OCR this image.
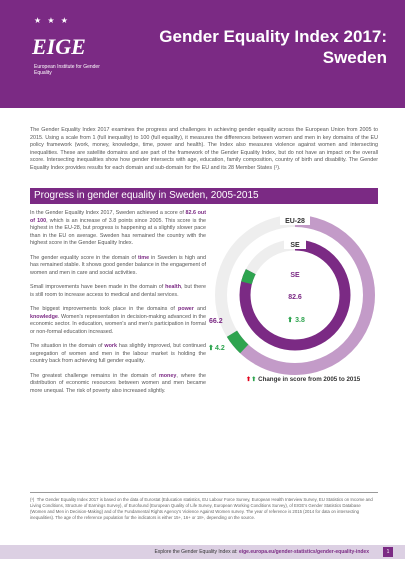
★ ★ ★
EIGE
European Institute for Gender Equality
Gender Equality Index 2017:
Sweden
The Gender Equality Index 2017 examines the progress and challenges in achieving gender equality across the European Union from 2005 to 2015. Using a scale from 1 (full inequality) to 100 (full equality), it measures the differences between women and men in key domains of the EU policy framework (work, money, knowledge, time, power and health). The Index also measures violence against women and intersecting inequalities. These are satellite domains and are part of the framework of the Gender Equality Index, but do not have an impact on the overall score. Intersecting inequalities show how gender intersects with age, education, family composition, country of birth and disability. The Gender Equality Index provides results for each domain and sub-domain for the EU and its 28 Member States (¹).
Progress in gender equality in Sweden, 2005-2015

In the Gender Equality Index 2017, Sweden achieved a score of 82.6 out of 100, which is an increase of 3.8 points since 2005. This score is the highest in the EU-28, but progress is happening at a slightly slower pace than in the EU on average. Sweden has remained the country with the highest score in the Gender Equality Index.

The gender equality score in the domain of time in Sweden is high and has remained stable. It shows good gender balance in the engagement of women and men in care and social activities.

Small improvements have been made in the domain of health, but there is still room to increase access to medical and dental services.

The biggest improvements took place in the domains of power and knowledge. Women's representation in decision-making advanced in the economic sector. In education, women's and men's participation in formal or non-formal education increased.

The situation in the domain of work has slightly improved, but continued segregation of women and men in the labour market is holding the country back from achieving full gender equality.

The greatest challenge remains in the domain of money, where the distribution of economic resources between women and men became more unequal. The risk of poverty also increased slightly.

EU-28
SE
SE
82.6
⬆ 3.8
66.2
⬆ 4.2
⬆⬆ Change in score from 2005 to 2015
(¹) The Gender Equality Index 2017 is based on the data of Eurostat (Education statistics, EU Labour Force Survey, European Health Interview Survey, EU Statistics on Income and Living Conditions, Structure of Earnings Survey), of Eurofound (European Quality of Life Survey, European Working Conditions Survey), of EIGE's Gender Statistics Database (Women and Men in Decision-Making) and of the Fundamental Rights Agency's Violence Against Women survey. The year of reference is 2015 (2014 for data on intersecting inequalities). The age of the reference population for the indicators is either 15+, 16+ or 18+, depending on the source.
Explore the Gender Equality Index at: eige.europa.eu/gender-statistics/gender-equality-index	1
